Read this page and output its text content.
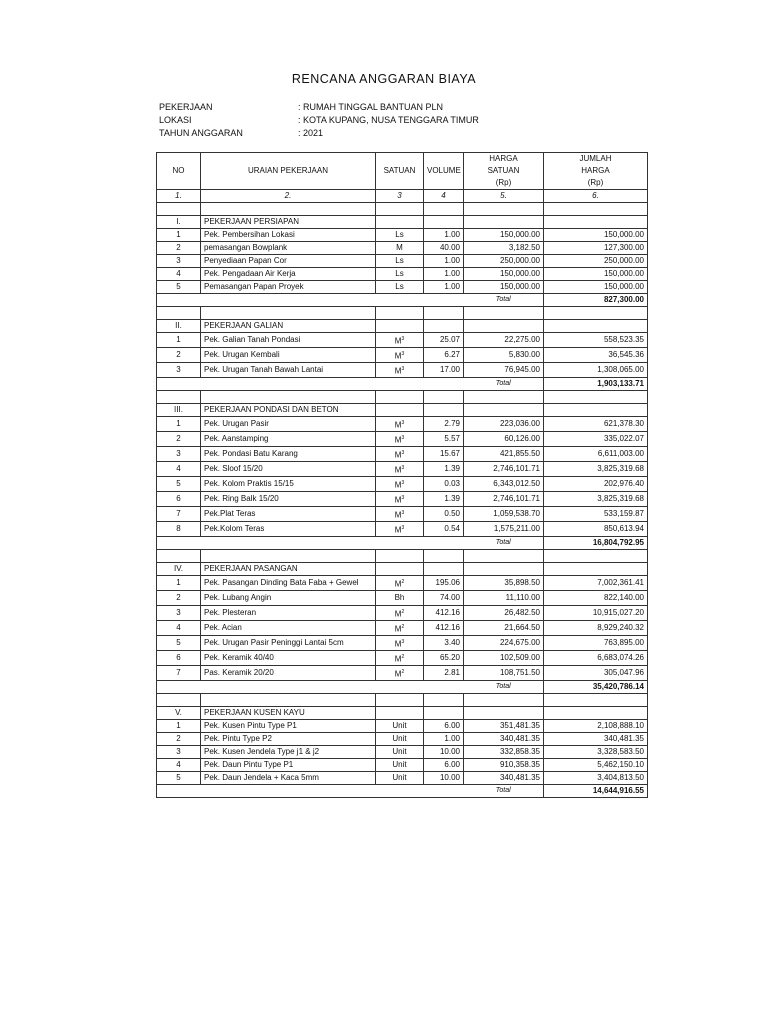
RENCANA ANGGARAN BIAYA
PEKERJAAN	: RUMAH TINGGAL BANTUAN PLN
LOKASI	: KOTA KUPANG, NUSA TENGGARA TIMUR
TAHUN ANGGARAN	: 2021
NO	URAIAN PEKERJAAN	SATUAN	VOLUME	HARGA	JUMLAH
				SATUAN	HARGA
				(Rp)	(Rp)
1.	2.	3	4	5.	6.

I.	PEKERJAAN PERSIAPAN				
1	Pek. Pembersihan Lokasi	Ls	1.00	150,000.00	150,000.00
2	pemasangan Bowplank	M	40.00	3,182.50	127,300.00
3	Penyediaan Papan Cor	Ls	1.00	250,000.00	250,000.00
4	Pek. Pengadaan Air Kerja	Ls	1.00	150,000.00	150,000.00
5	Pemasangan Papan Proyek	Ls	1.00	150,000.00	150,000.00
				Total	827,300.00

II.	PEKERJAAN GALIAN				
1	Pek. Galian Tanah Pondasi	$M^3$	25.07	22,275.00	558,523.35
2	Pek. Urugan Kembali	$M^3$	6.27	5,830.00	36,545.36
3	Pek. Urugan Tanah Bawah Lantai	$M^3$	17.00	76,945.00	1,308,065.00
				Total	1,903,133.71

III.	PEKERJAAN PONDASI DAN BETON				
1	Pek. Urugan Pasir	$M^3$	2.79	223,036.00	621,378.30
2	Pek. Aanstamping	$M^3$	5.57	60,126.00	335,022.07
3	Pek. Pondasi Batu Karang	$M^3$	15.67	421,855.50	6,611,003.00
4	Pek. Sloof 15/20	$M^3$	1.39	2,746,101.71	3,825,319.68
5	Pek. Kolom Praktis 15/15	$M^3$	0.03	6,343,012.50	202,976.40
6	Pek. Ring Balk 15/20	$M^3$	1.39	2,746,101.71	3,825,319.68
7	Pek.Plat Teras	$M^3$	0.50	1,059,538.70	533,159.87
8	Pek.Kolom Teras	$M^3$	0.54	1,575,211.00	850,613.94
				Total	16,804,792.95

IV.	PEKERJAAN PASANGAN				
1	Pek. Pasangan Dinding Bata Faba + Gewel	$M^2$	195.06	35,898.50	7,002,361.41
2	Pek. Lubang Angin	Bh	74.00	11,110.00	822,140.00
3	Pek. Plesteran	$M^2$	412.16	26,482.50	10,915,027.20
4	Pek. Acian	$M^2$	412.16	21,664.50	8,929,240.32
5	Pek. Urugan Pasir Peninggi Lantai 5cm	$M^3$	3.40	224,675.00	763,895.00
6	Pek. Keramik 40/40	$M^2$	65.20	102,509.00	6,683,074.26
7	Pas. Keramik 20/20	$M^2$	2.81	108,751.50	305,047.96
				Total	35,420,786.14

V.	PEKERJAAN KUSEN KAYU				
1	Pek. Kusen Pintu Type P1	Unit	6.00	351,481.35	2,108,888.10
2	Pek. Pintu Type P2	Unit	1.00	340,481.35	340,481.35
3	Pek. Kusen Jendela Type j1 & j2	Unit	10.00	332,858.35	3,328,583.50
4	Pek. Daun Pintu Type P1	Unit	6.00	910,358.35	5,462,150.10
5	Pek. Daun Jendela + Kaca 5mm	Unit	10.00	340,481.35	3,404,813.50
				Total	14,644,916.55
